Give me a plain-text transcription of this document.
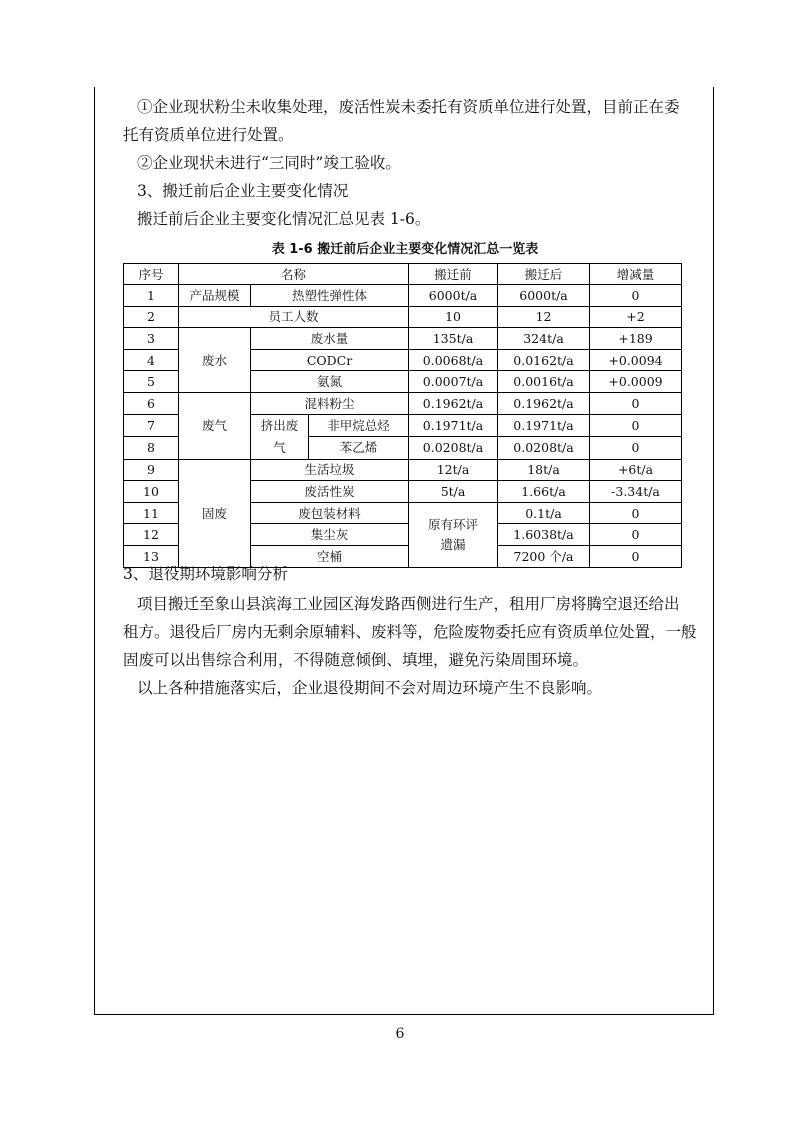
①企业现状粉尘未收集处理，废活性炭未委托有资质单位进行处置，目前正在委
托有资质单位进行处置。
②企业现状未进行“三同时”竣工验收。
3、搬迁前后企业主要变化情况
搬迁前后企业主要变化情况汇总见表 1-6。
表 1-6 搬迁前后企业主要变化情况汇总一览表
序号	名称			搬迁前	搬迁后	增减量
1	产品规模	热塑性弹性体		6000t/a	6000t/a	0
2	员工人数			10	12	+2
3	废水	废水量		135t/a	324t/a	+189
4		CODCr		0.0068t/a	0.0162t/a	+0.0094
5		氨氮		0.0007t/a	0.0016t/a	+0.0009
6	废气	混料粉尘		0.1962t/a	0.1962t/a	0
7		挤出废气	非甲烷总烃	0.1971t/a	0.1971t/a	0
8			苯乙烯	0.0208t/a	0.0208t/a	0
9	固废	生活垃圾		12t/a	18t/a	+6t/a
10		废活性炭		5t/a	1.66t/a	-3.34t/a
11		废包装材料		原有环评遗漏	0.1t/a	0
12		集尘灰			1.6038t/a	0
13		空桶			7200 个/a	0
3、退役期环境影响分析
项目搬迁至象山县滨海工业园区海发路西侧进行生产，租用厂房将腾空退还给出
租方。退役后厂房内无剩余原辅料、废料等，危险废物委托应有资质单位处置，一般
固废可以出售综合利用，不得随意倾倒、填埋，避免污染周围环境。
以上各种措施落实后，企业退役期间不会对周边环境产生不良影响。
6
